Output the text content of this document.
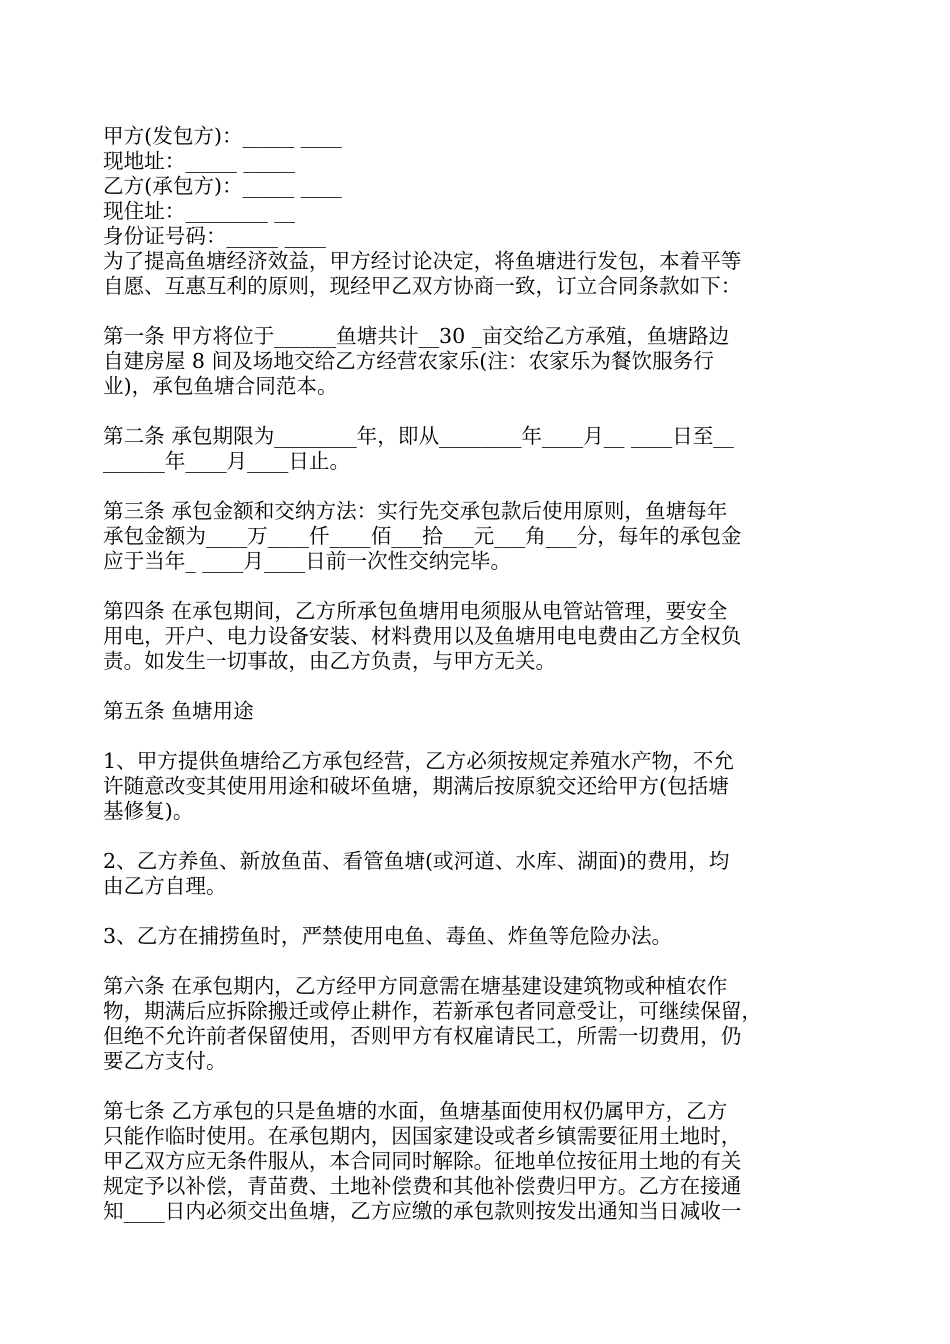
甲方(发包方)：_____ ____
现地址：_____ _____
乙方(承包方)：_____ ____
现住址：________ __
身份证号码：_____ ____
为了提高鱼塘经济效益，甲方经讨论决定，将鱼塘进行发包，本着平等
自愿、互惠互利的原则，现经甲乙双方协商一致，订立合同条款如下：
第一条 甲方将位于______鱼塘共计__30 _亩交给乙方承殖，鱼塘路边
自建房屋 8 间及场地交给乙方经营农家乐(注：农家乐为餐饮服务行
业)，承包鱼塘合同范本。
第二条 承包期限为________年，即从________年____月__ ____日至__
______年____月____日止。
第三条 承包金额和交纳方法：实行先交承包款后使用原则，鱼塘每年
承包金额为____万____仟____佰___拾___元___角___分，每年的承包金
应于当年_ ____月____日前一次性交纳完毕。
第四条 在承包期间，乙方所承包鱼塘用电须服从电管站管理，要安全
用电，开户、电力设备安装、材料费用以及鱼塘用电电费由乙方全权负
责。如发生一切事故，由乙方负责，与甲方无关。
第五条 鱼塘用途
1、甲方提供鱼塘给乙方承包经营，乙方必须按规定养殖水产物，不允
许随意改变其使用用途和破坏鱼塘，期满后按原貌交还给甲方(包括塘
基修复)。
2、乙方养鱼、新放鱼苗、看管鱼塘(或河道、水库、湖面)的费用，均
由乙方自理。
3、乙方在捕捞鱼时，严禁使用电鱼、毒鱼、炸鱼等危险办法。
第六条 在承包期内，乙方经甲方同意需在塘基建设建筑物或种植农作
物，期满后应拆除搬迁或停止耕作，若新承包者同意受让，可继续保留，
但绝不允许前者保留使用，否则甲方有权雇请民工，所需一切费用，仍
要乙方支付。
第七条 乙方承包的只是鱼塘的水面，鱼塘基面使用权仍属甲方，乙方
只能作临时使用。在承包期内，因国家建设或者乡镇需要征用土地时，
甲乙双方应无条件服从，本合同同时解除。征地单位按征用土地的有关
规定予以补偿，青苗费、土地补偿费和其他补偿费归甲方。乙方在接通
知____日内必须交出鱼塘，乙方应缴的承包款则按发出通知当日减收一
